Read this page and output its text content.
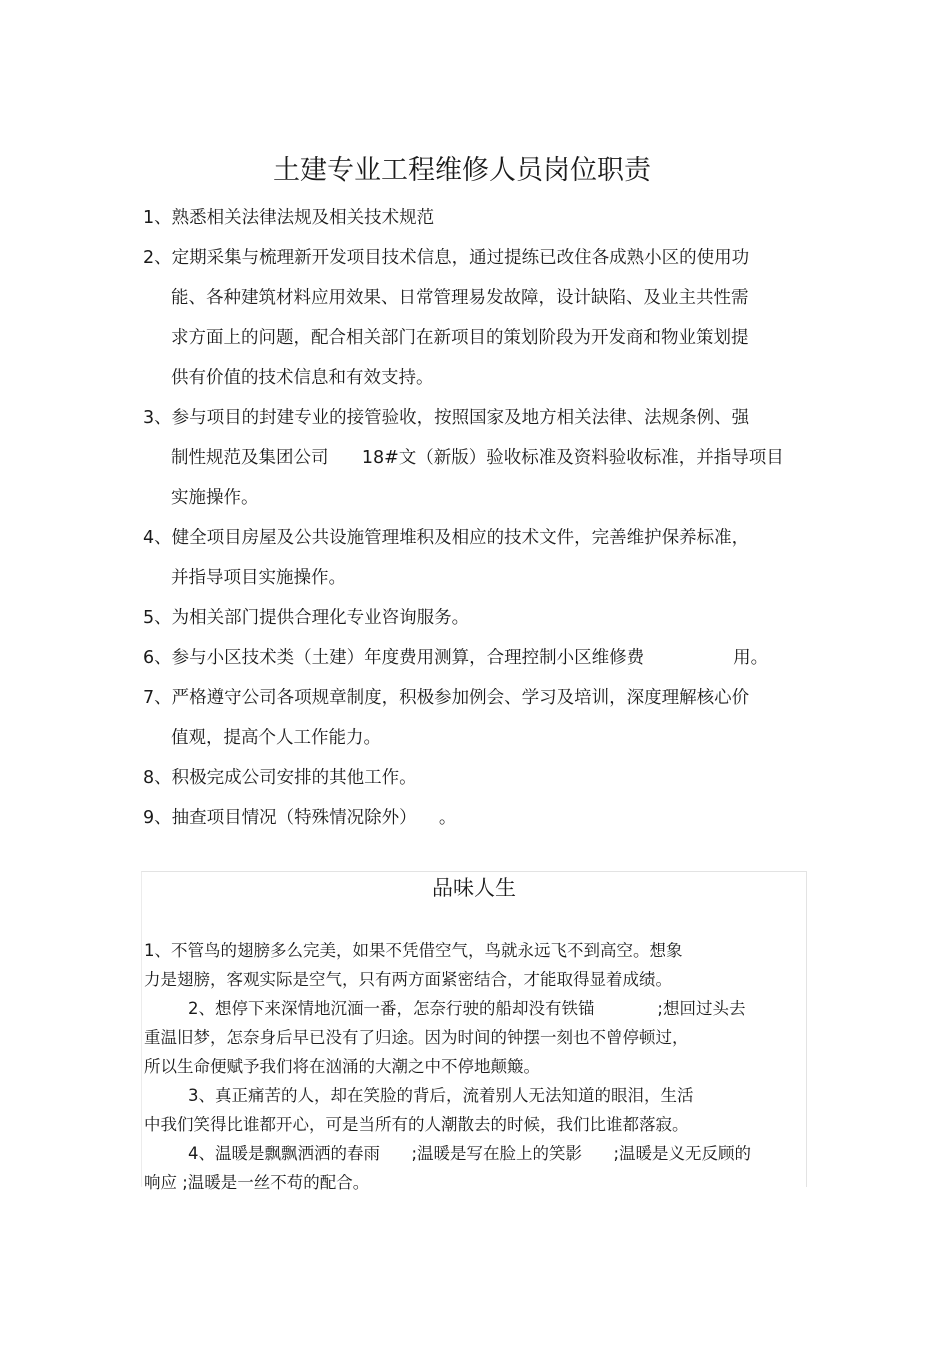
土建专业工程维修人员岗位职责

1、熟悉相关法律法规及相关技术规范

2、定期采集与梳理新开发项目技术信息，通过提练已改住各成熟小区的使用功

能、各种建筑材料应用效果、日常管理易发故障，设计缺陷、及业主共性需

求方面上的问题，配合相关部门在新项目的策划阶段为开发商和物业策划提

供有价值的技术信息和有效支持。

3、参与项目的封建专业的接管验收，按照国家及地方相关法律、法规条例、强

制性规范及集团公司      18#文（新版）验收标准及资料验收标准，并指导项目

实施操作。

4、健全项目房屋及公共设施管理堆积及相应的技术文件，完善维护保养标准，

并指导项目实施操作。

5、为相关部门提供合理化专业咨询服务。

6、参与小区技术类（土建）年度费用测算，合理控制小区维修费                用。

7、严格遵守公司各项规章制度，积极参加例会、学习及培训，深度理解核心价

值观，提高个人工作能力。

8、积极完成公司安排的其他工作。

9、抽查项目情况（特殊情况除外）    。

品味人生

1、不管鸟的翅膀多么完美，如果不凭借空气，鸟就永远飞不到高空。想象

力是翅膀，客观实际是空气，只有两方面紧密结合，才能取得显着成绩。

2、想停下来深情地沉湎一番，怎奈行驶的船却没有铁锚            ;想回过头去

重温旧梦，怎奈身后早已没有了归途。因为时间的钟摆一刻也不曾停顿过，

所以生命便赋予我们将在汹涌的大潮之中不停地颠簸。

3、真正痛苦的人，却在笑脸的背后，流着别人无法知道的眼泪，生活

中我们笑得比谁都开心，可是当所有的人潮散去的时候，我们比谁都落寂。

4、温暖是飘飘洒洒的春雨      ;温暖是写在脸上的笑影      ;温暖是义无反顾的

响应 ;温暖是一丝不苟的配合。
